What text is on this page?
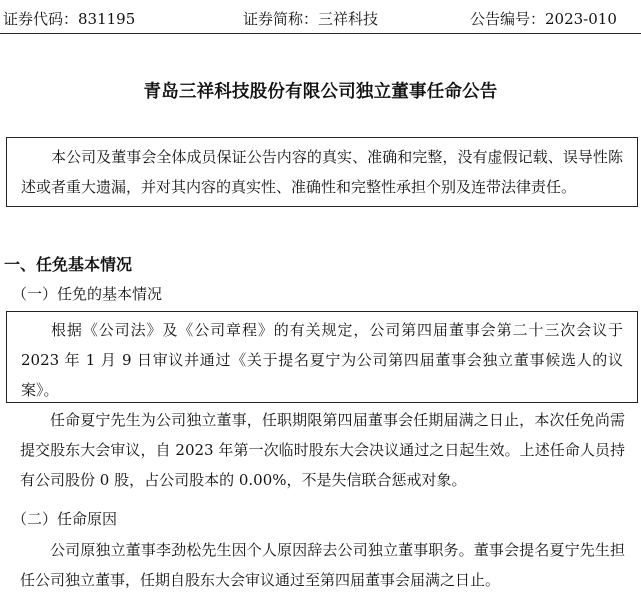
证券代码：831195	证券简称：三祥科技	公告编号：2023-010
青岛三祥科技股份有限公司独立董事任命公告

本公司及董事会全体成员保证公告内容的真实、准确和完整，没有虚假记载、误导性陈述或者重大遗漏，并对其内容的真实性、准确性和完整性承担个别及连带法律责任。

一、任免基本情况
（一）任免的基本情况

根据《公司法》及《公司章程》的有关规定，公司第四届董事会第二十三次会议于 2023 年 1 月 9 日审议并通过《关于提名夏宁为公司第四届董事会独立董事候选人的议案》。

任命夏宁先生为公司独立董事，任职期限第四届董事会任期届满之日止，本次任免尚需提交股东大会审议，自 2023 年第一次临时股东大会决议通过之日起生效。上述任命人员持有公司股份 0 股，占公司股本的 0.00%，不是失信联合惩戒对象。

（二）任命原因

公司原独立董事李劲松先生因个人原因辞去公司独立董事职务。董事会提名夏宁先生担任公司独立董事，任期自股东大会审议通过至第四届董事会届满之日止。
